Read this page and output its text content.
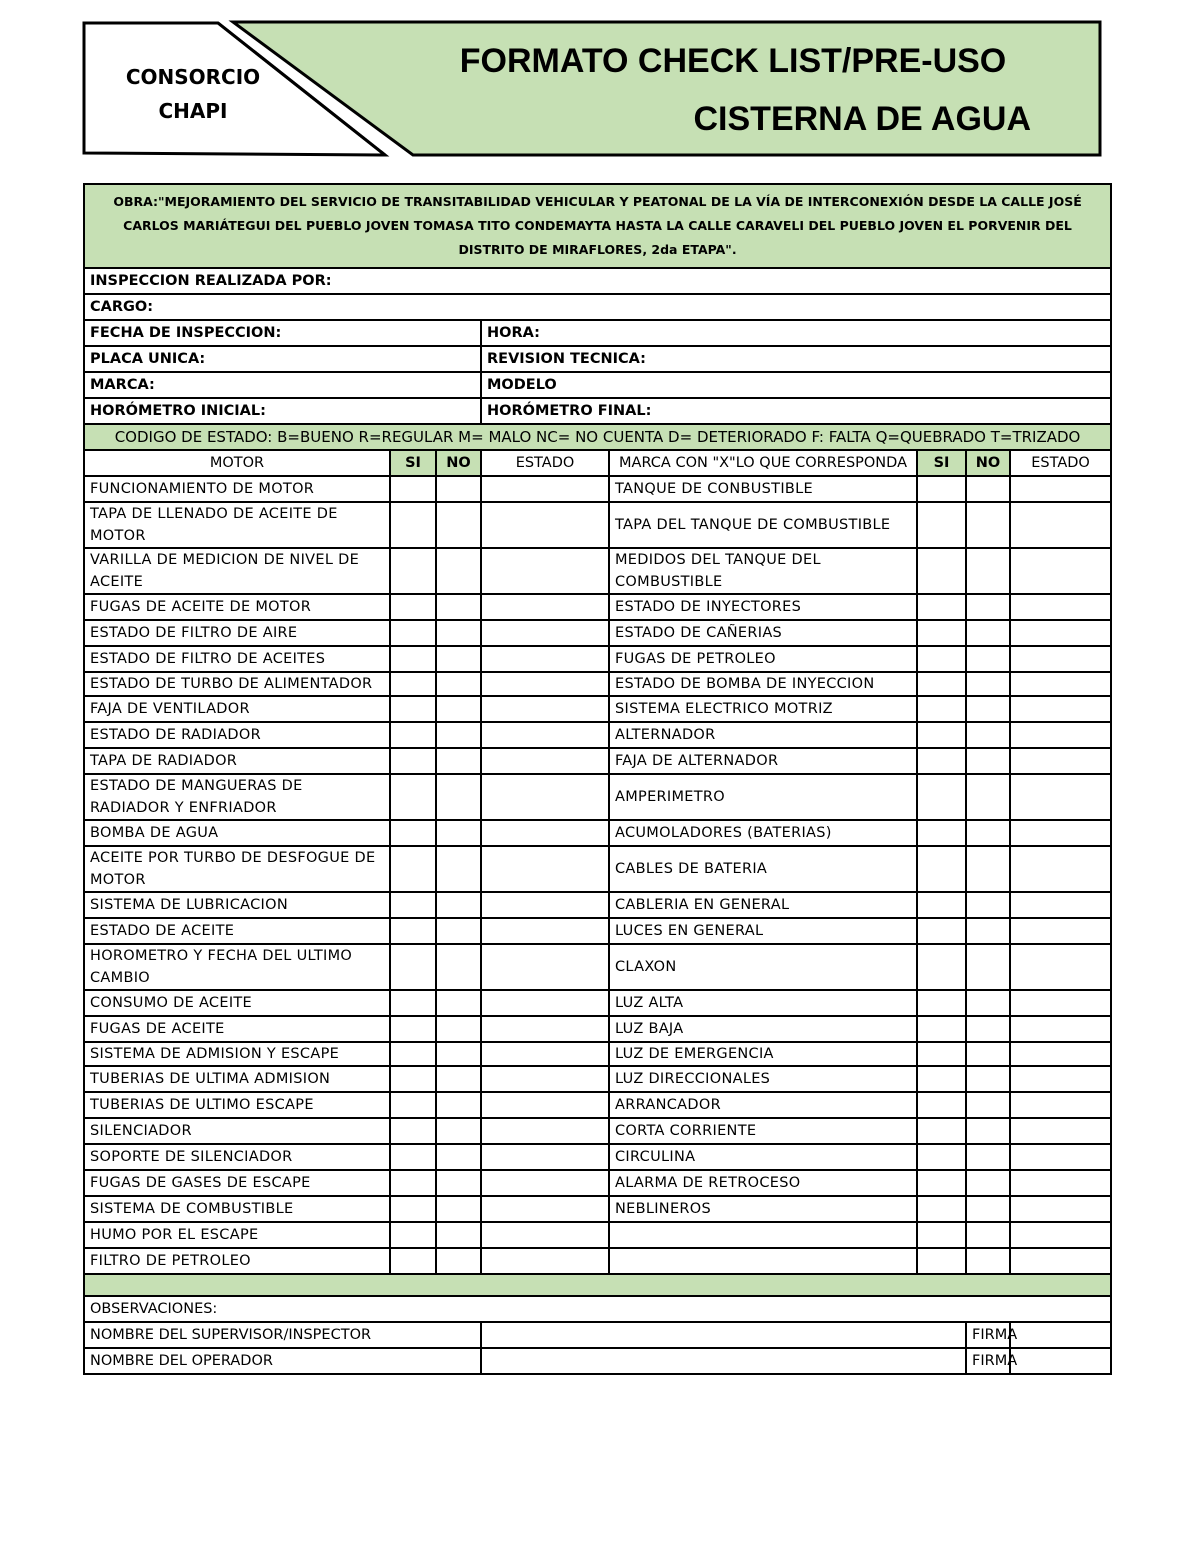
CONSORCIO
CHAPI
FORMATO CHECK LIST/PRE-USO
CISTERNA DE AGUA
OBRA:"MEJORAMIENTO DEL SERVICIO DE TRANSITABILIDAD VEHICULAR Y PEATONAL DE LA VÍA DE INTERCONEXIÓN DESDE LA CALLE JOSÉ CARLOS MARIÁTEGUI DEL PUEBLO JOVEN TOMASA TITO CONDEMAYTA HASTA LA CALLE CARAVELI DEL PUEBLO JOVEN EL PORVENIR DEL DISTRITO DE MIRAFLORES, 2da ETAPA".							
INSPECCION REALIZADA POR:							
CARGO:							
FECHA DE INSPECCION:			HORA:				
PLACA UNICA:			REVISION TECNICA:				
MARCA:			MODELO				
HORÓMETRO INICIAL:			HORÓMETRO FINAL:				
CODIGO DE ESTADO: B=BUENO R=REGULAR M= MALO NC= NO CUENTA D= DETERIORADO F: FALTA Q=QUEBRADO T=TRIZADO							
MOTOR	SI	NO	ESTADO	MARCA CON "X"LO QUE CORRESPONDA	SI	NO	ESTADO
FUNCIONAMIENTO DE MOTOR				TANQUE DE CONBUSTIBLE			
TAPA DE LLENADO DE ACEITE DE MOTOR				TAPA DEL TANQUE DE COMBUSTIBLE			
VARILLA DE MEDICION DE NIVEL DE ACEITE				MEDIDOS DEL TANQUE DEL COMBUSTIBLE			
FUGAS DE ACEITE DE MOTOR				ESTADO DE INYECTORES			
ESTADO DE FILTRO DE AIRE				ESTADO DE CAÑERIAS			
ESTADO DE FILTRO DE ACEITES				FUGAS DE PETROLEO			
ESTADO DE TURBO DE ALIMENTADOR				ESTADO DE BOMBA DE INYECCION			
FAJA DE VENTILADOR				SISTEMA ELECTRICO MOTRIZ			
ESTADO DE RADIADOR				ALTERNADOR			
TAPA DE RADIADOR				FAJA DE ALTERNADOR			
ESTADO DE MANGUERAS DE RADIADOR Y ENFRIADOR				AMPERIMETRO			
BOMBA DE AGUA				ACUMOLADORES (BATERIAS)			
ACEITE POR TURBO DE DESFOGUE DE MOTOR				CABLES DE BATERIA			
SISTEMA DE LUBRICACION				CABLERIA EN GENERAL			
ESTADO DE ACEITE				LUCES EN GENERAL			
HOROMETRO Y FECHA DEL ULTIMO CAMBIO				CLAXON			
CONSUMO DE ACEITE				LUZ ALTA			
FUGAS DE ACEITE				LUZ BAJA			
SISTEMA DE ADMISION Y ESCAPE				LUZ DE EMERGENCIA			
TUBERIAS DE ULTIMA ADMISION				LUZ DIRECCIONALES			
TUBERIAS DE ULTIMO ESCAPE				ARRANCADOR			
SILENCIADOR				CORTA CORRIENTE			
SOPORTE DE SILENCIADOR				CIRCULINA			
FUGAS DE GASES DE ESCAPE				ALARMA DE RETROCESO			
SISTEMA DE COMBUSTIBLE				NEBLINEROS			
HUMO POR EL ESCAPE							
FILTRO DE PETROLEO							

OBSERVACIONES:							
NOMBRE DEL SUPERVISOR/INSPECTOR						FIRMA	
NOMBRE DEL OPERADOR						FIRMA	
